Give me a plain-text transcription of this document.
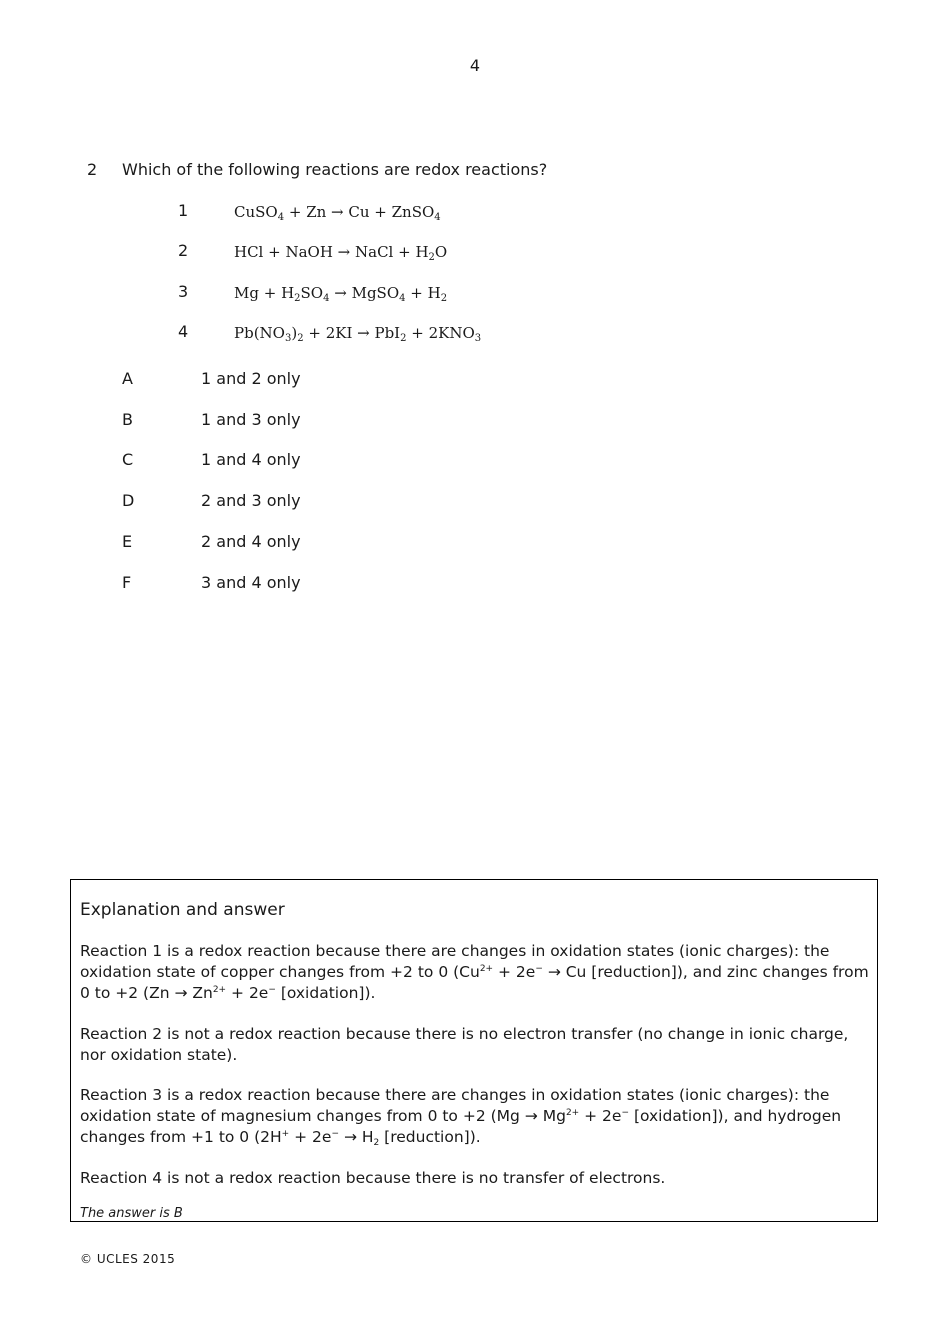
4
2 Which of the following reactions are redox reactions?
1	CuSO$_4$ + Zn → Cu + ZnSO$_4$
2	HCl + NaOH → NaCl + $H_2O$
3	$Mg + H_2SO_4$ → MgSO$_4$ + $H_2$
4	$Pb(NO_3)_2 + 2KI \to PbI_2 + 2KNO_3$
A	1 and 2 only
B	1 and 3 only
C	1 and 4 only
D	2 and 3 only
E	2 and 4 only
F	3 and 4 only
Explanation and answer
Reaction 1 is a redox reaction because there are changes in oxidation states (ionic charges): the oxidation state of copper changes from +2 to 0 ($Cu^{2+} + 2e^- \to Cu$ [reduction]), and zinc changes from 0 to +2 ($Zn \to Zn^{2+} + 2e^-$ [oxidation]).
Reaction 2 is not a redox reaction because there is no electron transfer (no change in ionic charge, nor oxidation state).
Reaction 3 is a redox reaction because there are changes in oxidation states (ionic charges): the oxidation state of magnesium changes from 0 to +2 ($Mg \to Mg^{2+} + 2e^-$ [oxidation]), and hydrogen changes from +1 to 0 ($2H^+ + 2e^- \to H_2$ [reduction]).
Reaction 4 is not a redox reaction because there is no transfer of electrons.
The answer is B
© UCLES 2015
